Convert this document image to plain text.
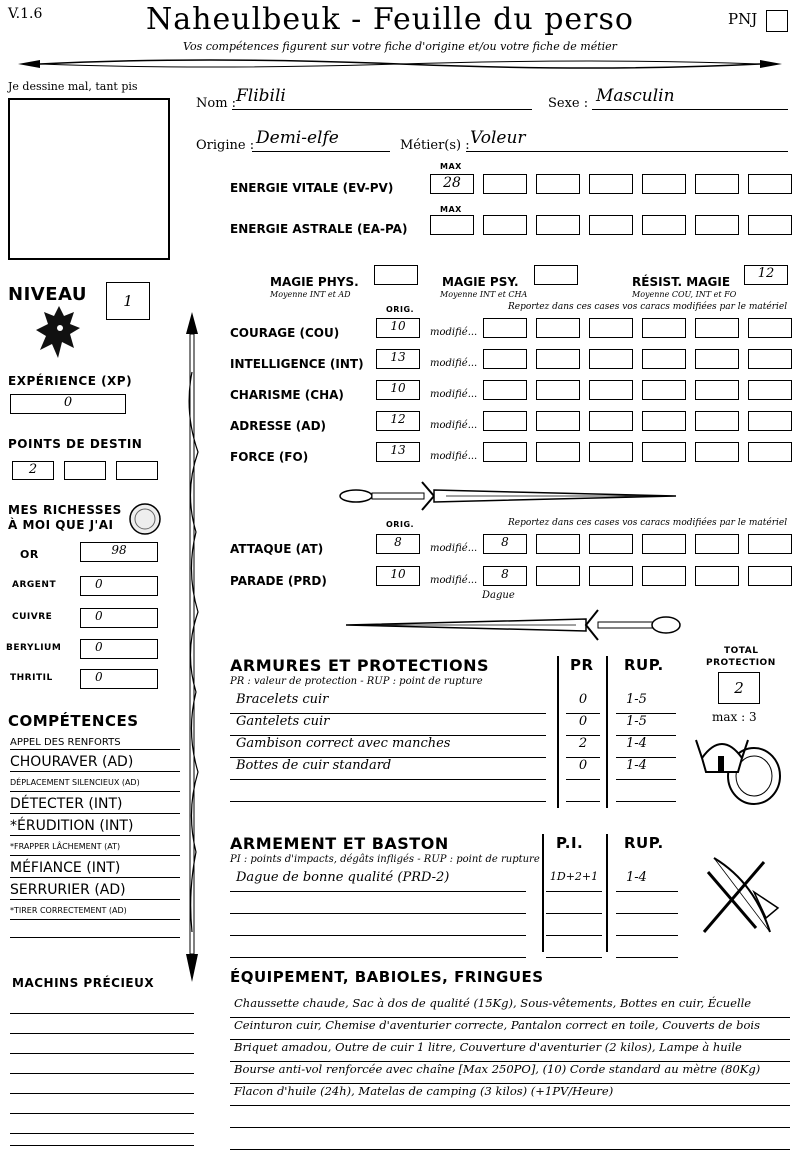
V.1.6	Naheulbeuk - Feuille du perso	PNJ
Vos compétences figurent sur votre fiche d'origine et/ou votre fiche de métier
Je dessine mal, tant pis
Nom : Flibili	Sexe : Masculin
Origine : Demi-elfe	Métier(s) : Voleur
MAX
ENERGIE VITALE (EV-PV)	28
MAX
ENERGIE ASTRALE (EA-PA)
MAGIE PHYS.
Moyenne INT et AD
MAGIE PSY.
Moyenne INT et CHA
RÉSIST. MAGIE
Moyenne COU, INT et FO
12
NIVEAU	1
EXPÉRIENCE (XP)
0
POINTS DE DESTIN
2
MES RICHESSES
À MOI QUE J'AI
OR	98
ARGENT	0
CUIVRE	0
BERYLIUM	0
THRITIL	0
COMPÉTENCES
APPEL DES RENFORTS
CHOURAVER (AD)
DÉPLACEMENT SILENCIEUX (AD)
DÉTECTER (INT)
*ÉRUDITION (INT)
*FRAPPER LÂCHEMENT (AT)
MÉFIANCE (INT)
SERRURIER (AD)
*TIRER CORRECTEMENT (AD)
MACHINS PRÉCIEUX
ORIG.	Reportez dans ces cases vos caracs modifiées par le matériel
COURAGE (COU)	10	modifié...
INTELLIGENCE (INT)	13	modifié...
CHARISME (CHA)	10	modifié...
ADRESSE (AD)	12	modifié...
FORCE (FO)	13	modifié...
ORIG.	Reportez dans ces cases vos caracs modifiées par le matériel
ATTAQUE (AT)	8	modifié...	8
PARADE (PRD)	10	modifié...	8
Dague
ARMURES ET PROTECTIONS
PR : valeur de protection - RUP : point de rupture
PR RUP.
Bracelets cuir	0	1-5
Gantelets cuir	0	1-5
Gambison correct avec manches	2	1-4
Bottes de cuir standard	0	1-4
TOTAL
PROTECTION
2
max : 3
ARMEMENT ET BASTON
PI : points d'impacts, dégâts infligés - RUP : point de rupture
P.I.	RUP.
Dague de bonne qualité (PRD-2)	1D+2+1	1-4
ÉQUIPEMENT, BABIOLES, FRINGUES
Chaussette chaude, Sac à dos de qualité (15Kg), Sous-vêtements, Bottes en cuir, Écuelle
Ceinturon cuir, Chemise d'aventurier correcte, Pantalon correct en toile, Couverts de bois
Briquet amadou, Outre de cuir 1 litre, Couverture d'aventurier (2 kilos), Lampe à huile
Bourse anti-vol renforcée avec chaîne [Max 250PO], (10) Corde standard au mètre (80Kg)
Flacon d'huile (24h), Matelas de camping (3 kilos) (+1PV/Heure)
